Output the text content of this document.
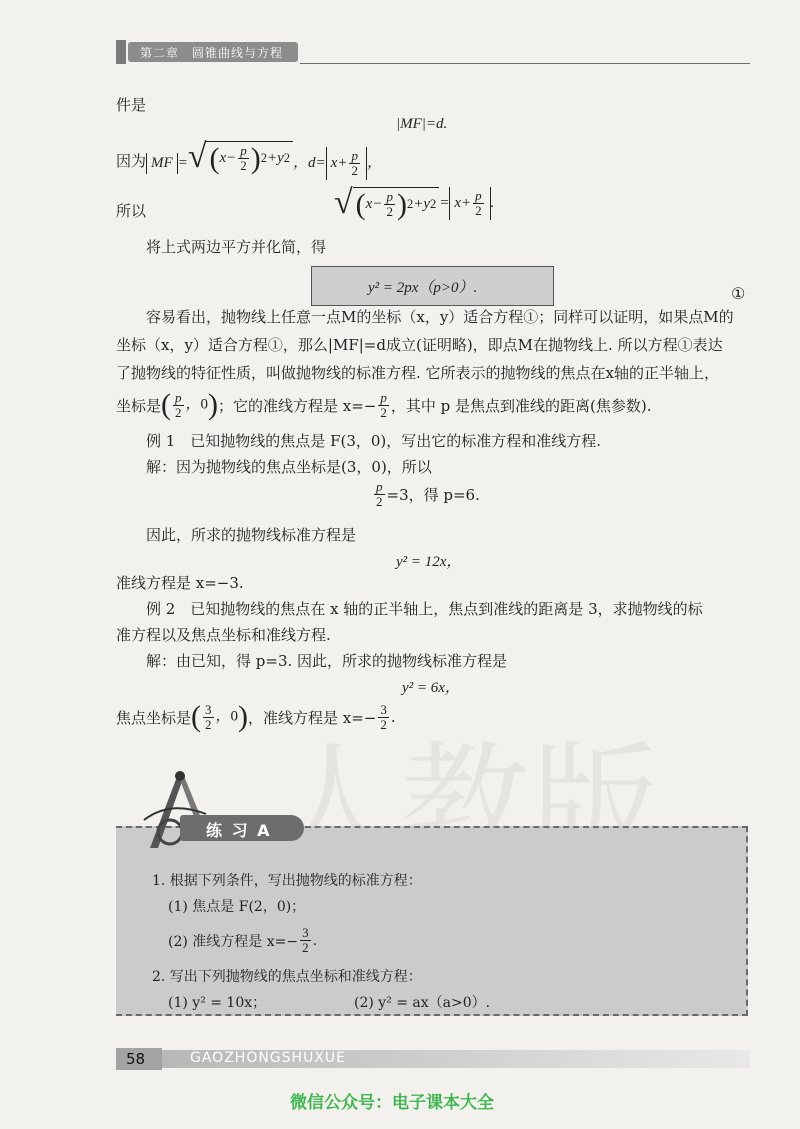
第二章　圆锥曲线与方程
人教版
件是
|MF|=d.
因为 MF = √ ( $x- \frac{p}{2}$ ) 2 +y 2 ，$d= x+ \frac{p}{2}$ ，
所以	√ ( $x- \frac{p}{2}$ ) 2 +y $2 = x+ \frac{p}{2}$ .
将上式两边平方并化简，得
y² = 2px（p>0）.	①
容易看出，抛物线上任意一点M的坐标（x，y）适合方程①；同样可以证明，如果点M的
坐标（x，y）适合方程①，那么|MF|=d成立(证明略)，即点M在抛物线上. 所以方程①表达
了抛物线的特征性质，叫做抛物线的标准方程. 它所表示的抛物线的焦点在x轴的正半轴上，
坐标是 ( $\frac{p}{2}$ ，0) ；它的准线方程是 $x=- \frac{p}{2}$ ，其中 p 是焦点到准线的距离(焦参数).
例 1　已知抛物线的焦点是 F(3，0)，写出它的标准方程和准线方程.
解：因为抛物线的焦点坐标是(3，0)，所以
$\frac{p}{2} =3$，得 p=6.
因此，所求的抛物线标准方程是
y² = 12x，
准线方程是 x=−3.
例 2　已知抛物线的焦点在 x 轴的正半轴上，焦点到准线的距离是 3，求抛物线的标
准方程以及焦点坐标和准线方程.
解：由已知，得 p=3. 因此，所求的抛物线标准方程是
y² = 6x，
焦点坐标是 ( $\frac{3}{2}$ ，0) ，准线方程是 $x=- \frac{3}{2}$ .
练 习 A
1. 根据下列条件，写出抛物线的标准方程：
(1) 焦点是 F(2，0)；
(2) 准线方程是 $x=- \frac{3}{2}$ .
2. 写出下列抛物线的焦点坐标和准线方程：
(1) y² = 10x；	(2) y² = ax（a>0）.
58	GAOZHONGSHUXUE
微信公众号：电子课本大全
